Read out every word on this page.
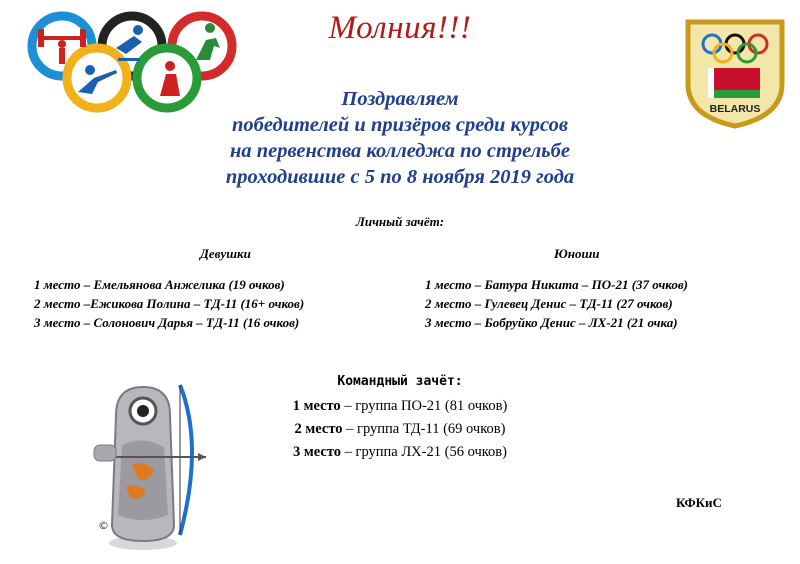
BELARUS
Молния!!!
Поздравляем
победителей и призёров среди курсов
на первенства колледжа по стрельбе
проходившие с 5 по 8 ноября 2019 года
Личный зачёт:
Девушки	Юноши
1 место – Емельянова Анжелика (19 очков)
2 место –Ежикова Полина – ТД-11 (16+ очков)
3 место – Солонович Дарья – ТД-11 (16 очков)
1 место – Батура Никита – ПО-21 (37 очков)
2 место – Гулевец Денис – ТД-11 (27 очков)
3 место – Бобруйко Денис – ЛХ-21 (21 очка)
©
Командный зачёт:
1 место – группа ПО-21 (81 очков)
2 место – группа ТД-11 (69 очков)
3 место – группа ЛХ-21 (56 очков)
КФКиС
